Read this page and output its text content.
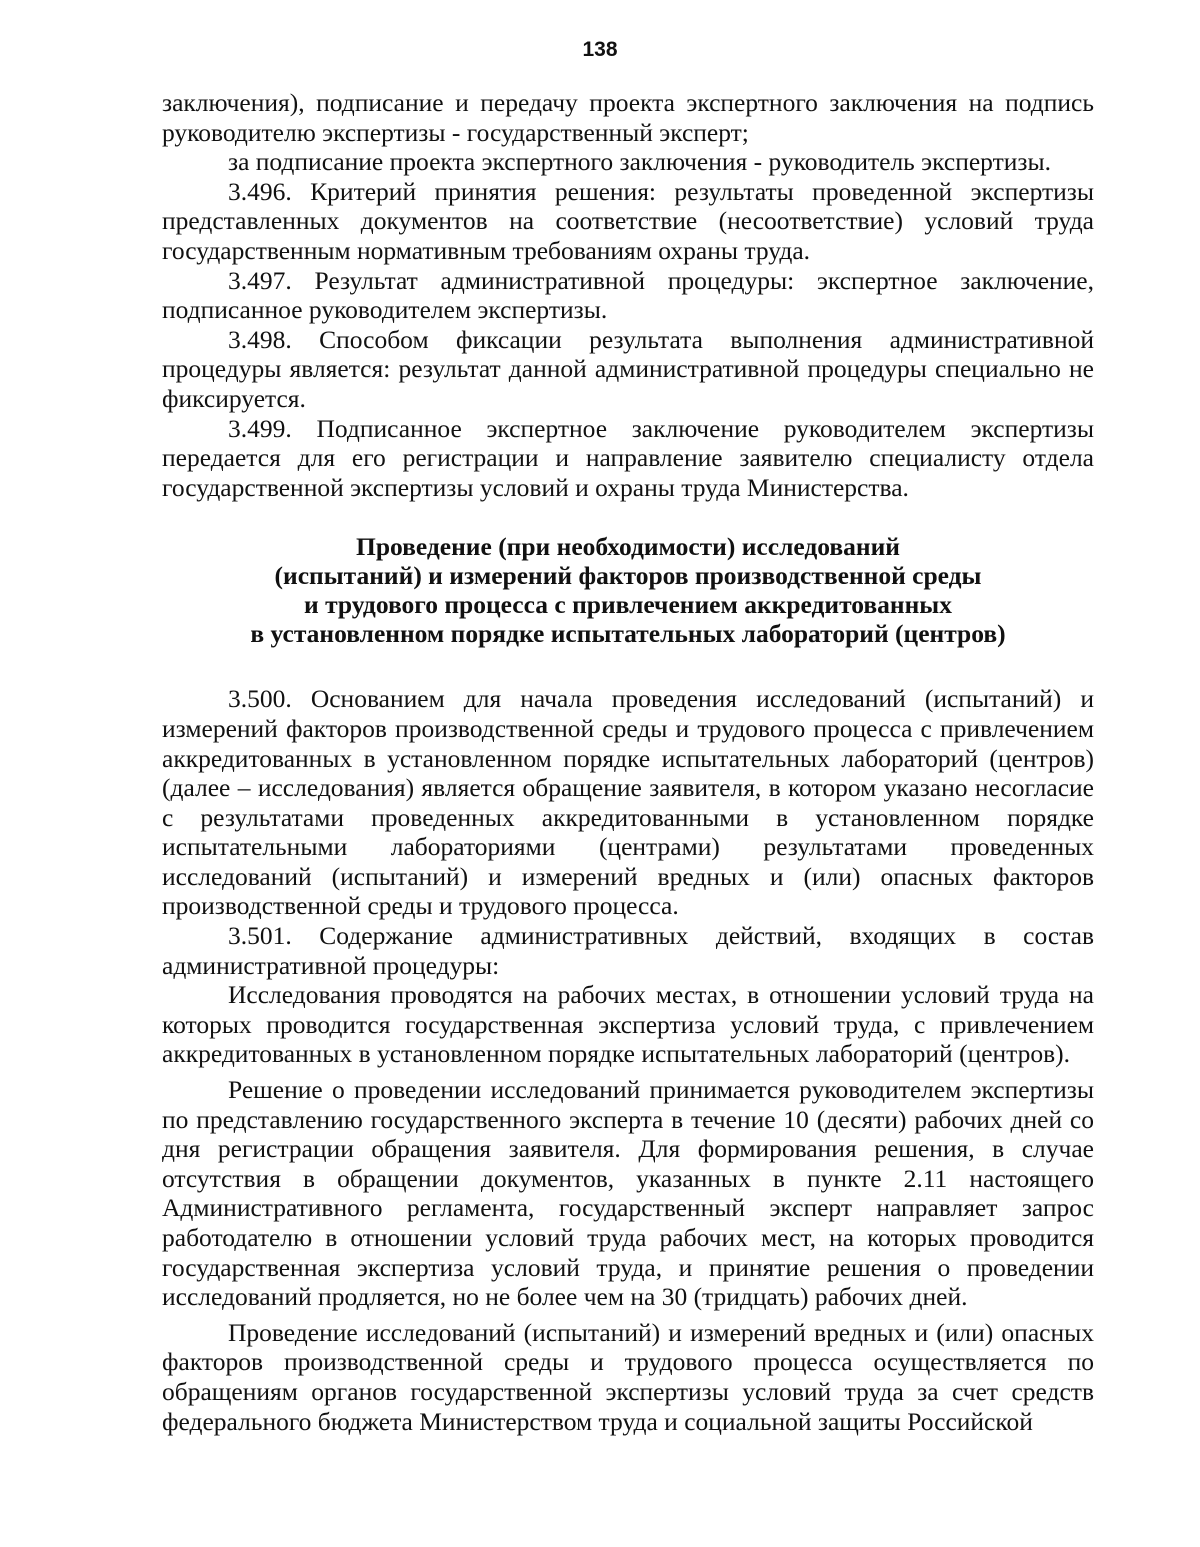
138

заключения), подписание и передачу проекта экспертного заключения на подпись руководителю экспертизы - государственный эксперт;

за подписание проекта экспертного заключения - руководитель экспертизы.

3.496. Критерий принятия решения: результаты проведенной экспертизы представленных документов на соответствие (несоответствие) условий труда государственным нормативным требованиям охраны труда.

3.497. Результат административной процедуры: экспертное заключение, подписанное руководителем экспертизы.

3.498. Способом фиксации результата выполнения административной процедуры является: результат данной административной процедуры специально не фиксируется.

3.499. Подписанное экспертное заключение руководителем экспертизы передается для его регистрации и направление заявителю специалисту отдела государственной экспертизы условий и охраны труда Министерства.

Проведение (при необходимости) исследований
(испытаний) и измерений факторов производственной среды
и трудового процесса с привлечением аккредитованных
в установленном порядке испытательных лабораторий (центров)

3.500. Основанием для начала проведения исследований (испытаний) и измерений факторов производственной среды и трудового процесса с привлечением аккредитованных в установленном порядке испытательных лабораторий (центров) (далее – исследования) является обращение заявителя, в котором указано несогласие с результатами проведенных аккредитованными в установленном порядке испытательными лабораториями (центрами) результатами проведенных исследований (испытаний) и измерений вредных и (или) опасных факторов производственной среды и трудового процесса.

3.501. Содержание административных действий, входящих в состав административной процедуры:

Исследования проводятся на рабочих местах, в отношении условий труда на которых проводится государственная экспертиза условий труда, с привлечением аккредитованных в установленном порядке испытательных лабораторий (центров).

Решение о проведении исследований принимается руководителем экспертизы по представлению государственного эксперта в течение 10 (десяти) рабочих дней со дня регистрации обращения заявителя. Для формирования решения, в случае отсутствия в обращении документов, указанных в пункте 2.11 настоящего Административного регламента, государственный эксперт направляет запрос работодателю в отношении условий труда рабочих мест, на которых проводится государственная экспертиза условий труда, и принятие решения о проведении исследований продляется, но не более чем на 30 (тридцать) рабочих дней.

Проведение исследований (испытаний) и измерений вредных и (или) опасных факторов производственной среды и трудового процесса осуществляется по обращениям органов государственной экспертизы условий труда за счет средств федерального бюджета Министерством труда и социальной защиты Российской
